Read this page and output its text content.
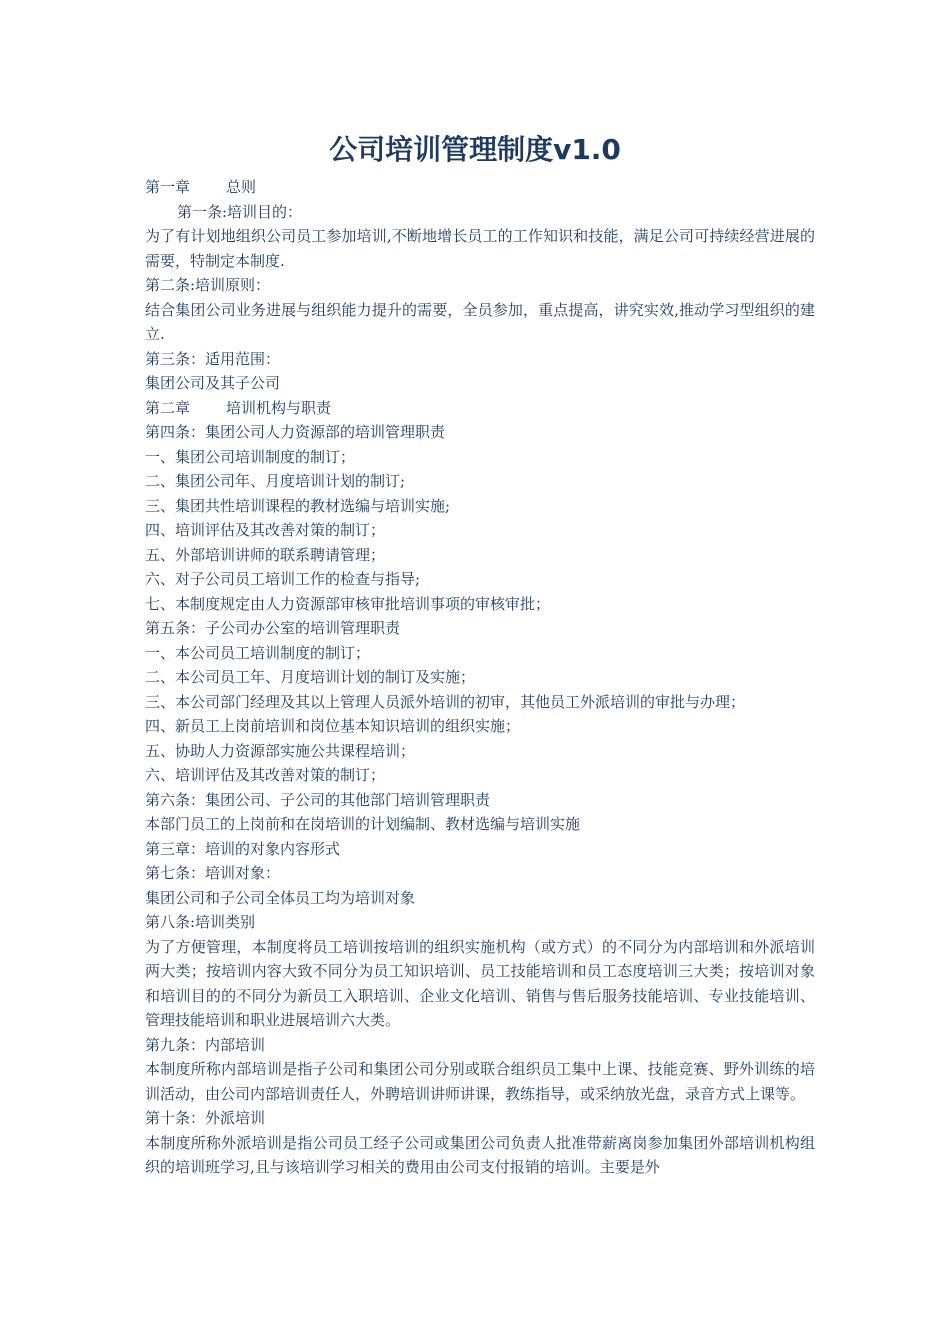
公司培训管理制度v1.0
第一章 总则
第一条:培训目的：
为了有计划地组织公司员工参加培训,不断地增长员工的工作知识和技能，满足公司可持续经营进展的需要，特制定本制度.
第二条:培训原则：
结合集团公司业务进展与组织能力提升的需要，全员参加，重点提高，讲究实效,推动学习型组织的建立.
第三条：适用范围：
集团公司及其子公司
第二章 培训机构与职责
第四条：集团公司人力资源部的培训管理职责
一、集团公司培训制度的制订；
二、集团公司年、月度培训计划的制订;
三、集团共性培训课程的教材选编与培训实施;
四、培训评估及其改善对策的制订；
五、外部培训讲师的联系聘请管理；
六、对子公司员工培训工作的检查与指导;
七、本制度规定由人力资源部审核审批培训事项的审核审批；
第五条：子公司办公室的培训管理职责
一、本公司员工培训制度的制订；
二、本公司员工年、月度培训计划的制订及实施；
三、本公司部门经理及其以上管理人员派外培训的初审，其他员工外派培训的审批与办理；
四、新员工上岗前培训和岗位基本知识培训的组织实施；
五、协助人力资源部实施公共课程培训；
六、培训评估及其改善对策的制订；
第六条：集团公司、子公司的其他部门培训管理职责
本部门员工的上岗前和在岗培训的计划编制、教材选编与培训实施
第三章：培训的对象内容形式
第七条：培训对象：
集团公司和子公司全体员工均为培训对象
第八条:培训类别
为了方便管理，本制度将员工培训按培训的组织实施机构（或方式）的不同分为内部培训和外派培训两大类；按培训内容大致不同分为员工知识培训、员工技能培训和员工态度培训三大类；按培训对象和培训目的的不同分为新员工入职培训、企业文化培训、销售与售后服务技能培训、专业技能培训、管理技能培训和职业进展培训六大类。
第九条：内部培训
本制度所称内部培训是指子公司和集团公司分别或联合组织员工集中上课、技能竞赛、野外训练的培训活动，由公司内部培训责任人，外聘培训讲师讲课，教练指导，或采纳放光盘，录音方式上课等。
第十条：外派培训
本制度所称外派培训是指公司员工经子公司或集团公司负责人批准带薪离岗参加集团外部培训机构组织的培训班学习,且与该培训学习相关的费用由公司支付报销的培训。主要是外
